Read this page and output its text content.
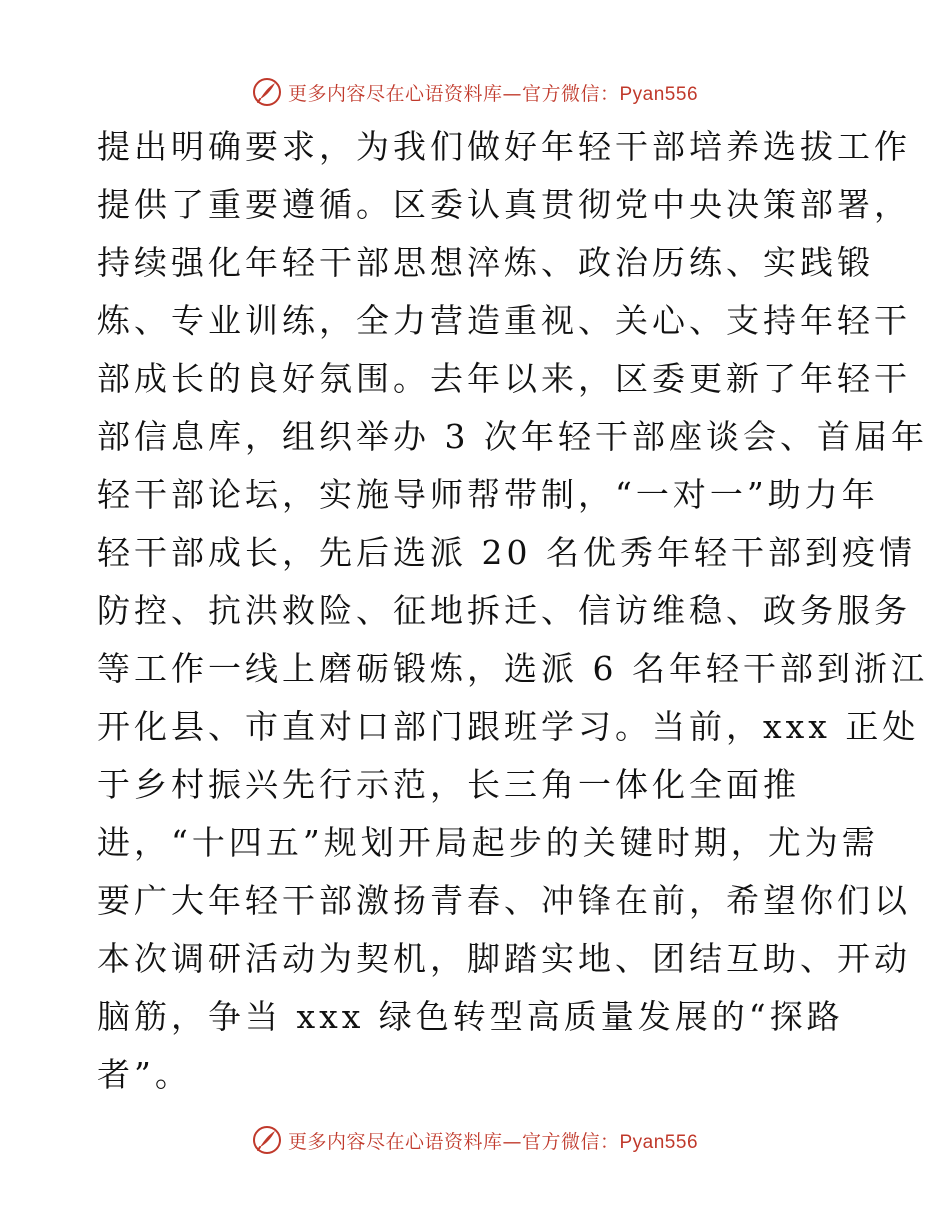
更多内容尽在心语资料库—官方微信：Pyan556
提出明确要求，为我们做好年轻干部培养选拔工作
提供了重要遵循。区委认真贯彻党中央决策部署，
持续强化年轻干部思想淬炼、政治历练、实践锻
炼、专业训练，全力营造重视、关心、支持年轻干
部成长的良好氛围。去年以来，区委更新了年轻干
部信息库，组织举办 3 次年轻干部座谈会、首届年
轻干部论坛，实施导师帮带制，“一对一”助力年
轻干部成长，先后选派 20 名优秀年轻干部到疫情
防控、抗洪救险、征地拆迁、信访维稳、政务服务
等工作一线上磨砺锻炼，选派 6 名年轻干部到浙江
开化县、市直对口部门跟班学习。当前，xxx 正处
于乡村振兴先行示范，长三角一体化全面推
进，“十四五”规划开局起步的关键时期，尤为需
要广大年轻干部激扬青春、冲锋在前，希望你们以
本次调研活动为契机，脚踏实地、团结互助、开动
脑筋，争当 xxx 绿色转型高质量发展的“探路
者”。
更多内容尽在心语资料库—官方微信：Pyan556
